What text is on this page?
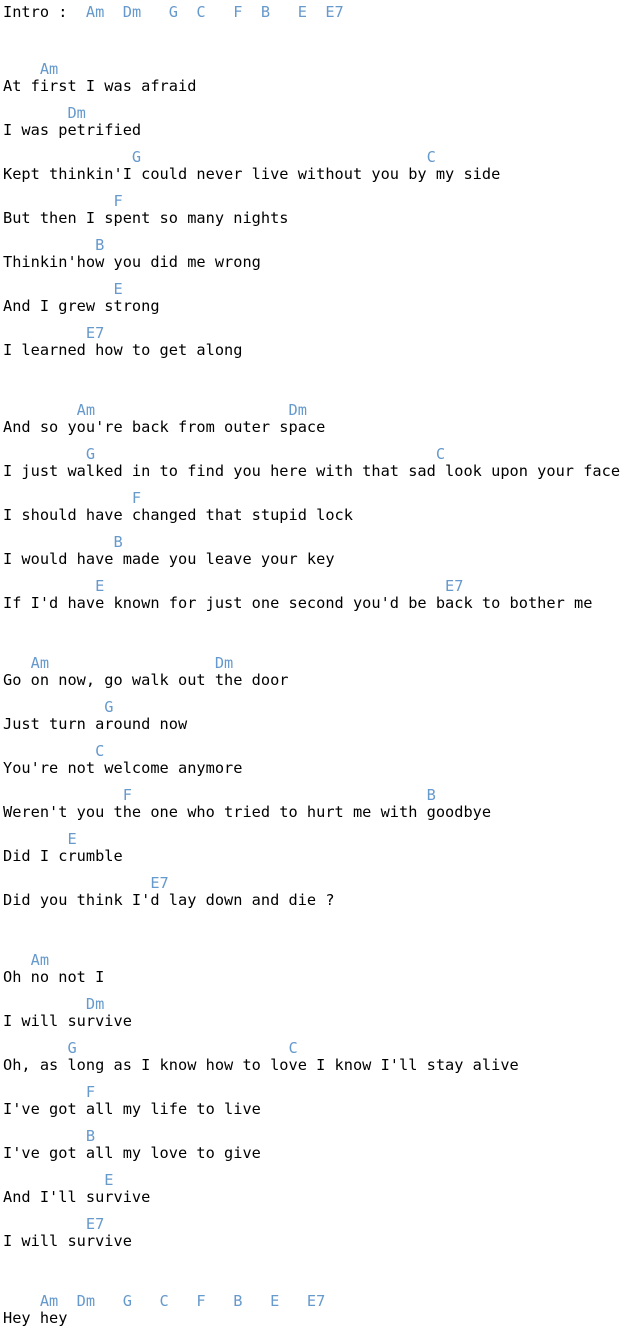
Intro :  Am  Dm   G  C   F  B   E  E7
Am
At first I was afraid
Dm
I was petrified
G                               C
Kept thinkin'I could never live without you by my side
F
But then I spent so many nights
B
Thinkin'how you did me wrong
E
And I grew strong
E7
I learned how to get along
Am                     Dm
And so you're back from outer space
G                                     C
I just walked in to find you here with that sad look upon your face
F
I should have changed that stupid lock
B
I would have made you leave your key
E                                     E7
If I'd have known for just one second you'd be back to bother me
Am                  Dm
Go on now, go walk out the door
G
Just turn around now
C
You're not welcome anymore
F                                B
Weren't you the one who tried to hurt me with goodbye
E
Did I crumble
E7
Did you think I'd lay down and die ?
Am
Oh no not I
Dm
I will survive
G                       C
Oh, as long as I know how to love I know I'll stay alive
F
I've got all my life to live
B
I've got all my love to give
E
And I'll survive
E7
I will survive
Am  Dm   G   C   F   B   E   E7
Hey hey
